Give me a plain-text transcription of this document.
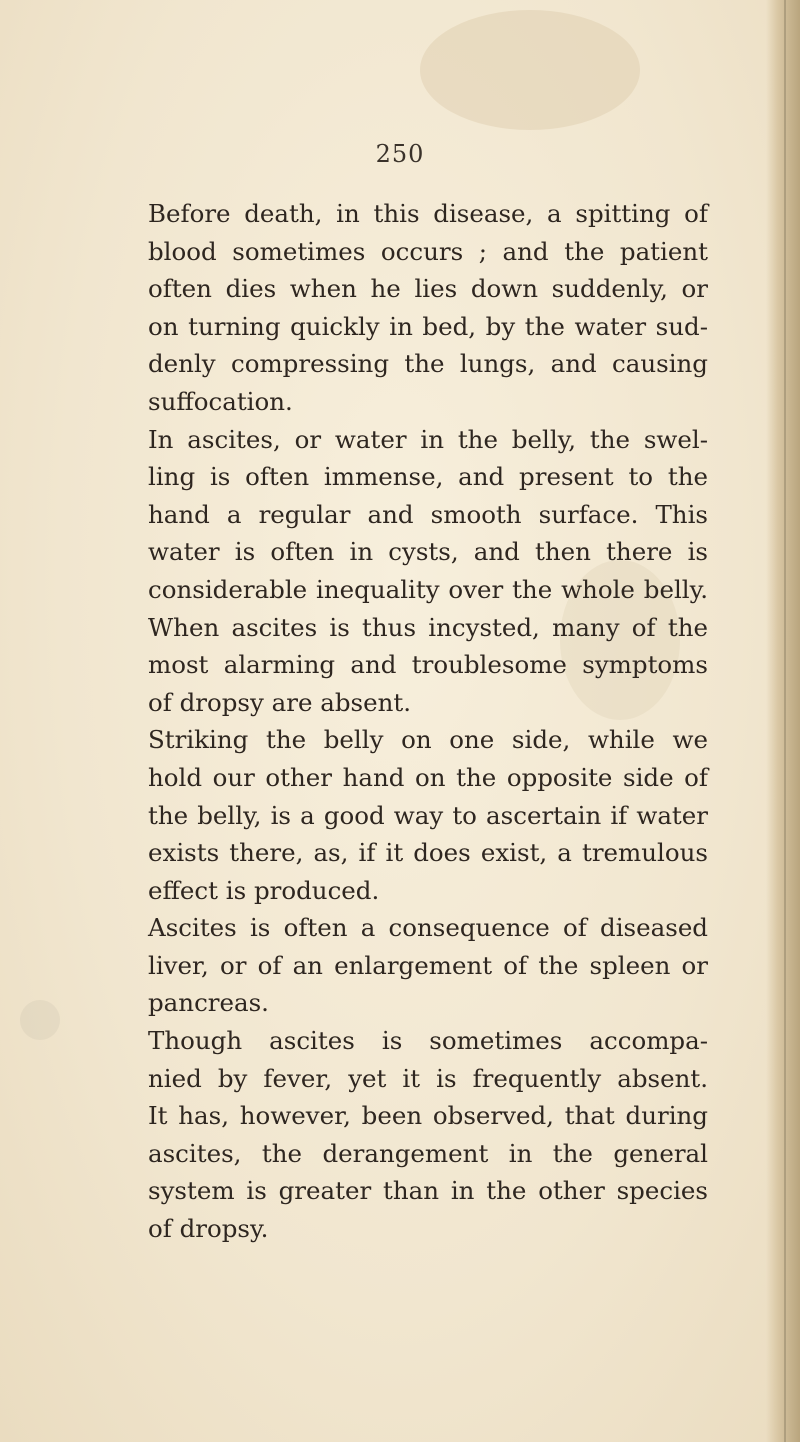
250
Before death, in this disease, a spitting of
blood sometimes occurs ; and the patient
often dies when he lies down suddenly, or
on turning quickly in bed, by the water sud-
denly compressing the lungs, and causing
suffocation.
In ascites, or water in the belly, the swel-
ling is often immense, and present to the
hand a regular and smooth surface. This
water is often in cysts, and then there is
considerable inequality over the whole belly.
When ascites is thus incysted, many of the
most alarming and troublesome symptoms
of dropsy are absent.
Striking the belly on one side, while we
hold our other hand on the opposite side of
the belly, is a good way to ascertain if water
exists there, as, if it does exist, a tremulous
effect is produced.
Ascites is often a consequence of diseased
liver, or of an enlargement of the spleen or
pancreas.
Though ascites is sometimes accompa-
nied by fever, yet it is frequently absent.
It has, however, been observed, that during
ascites, the derangement in the general
system is greater than in the other species
of dropsy.
